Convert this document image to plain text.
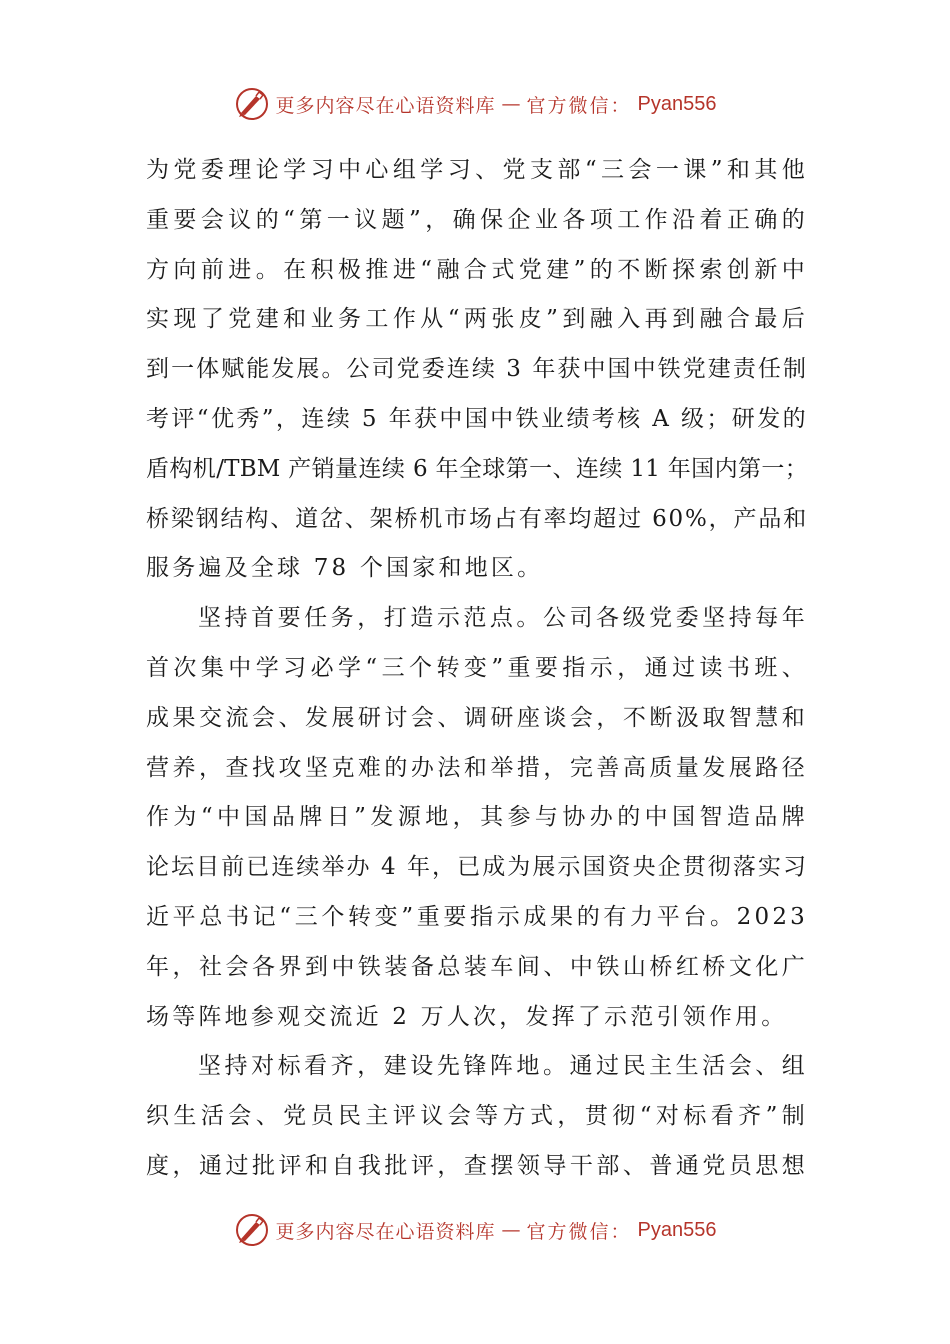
更多内容尽在心语资料库 — 官方微信： Pyan556
为党委理论学习中心组学习、党支部“三会一课”和其他
重要会议的“第一议题”，确保企业各项工作沿着正确的
方向前进。在积极推进“融合式党建”的不断探索创新中
实现了党建和业务工作从“两张皮”到融入再到融合最后
到一体赋能发展。公司党委连续 3 年获中国中铁党建责任制
考评“优秀”，连续 5 年获中国中铁业绩考核 A 级；研发的
盾构机/TBM 产销量连续 6 年全球第一、连续 11 年国内第一；
桥梁钢结构、道岔、架桥机市场占有率均超过 60%，产品和
服务遍及全球 78 个国家和地区。
坚持首要任务，打造示范点。公司各级党委坚持每年
首次集中学习必学“三个转变”重要指示，通过读书班、
成果交流会、发展研讨会、调研座谈会，不断汲取智慧和
营养，查找攻坚克难的办法和举措，完善高质量发展路径
作为“中国品牌日”发源地，其参与协办的中国智造品牌
论坛目前已连续举办 4 年，已成为展示国资央企贯彻落实习
近平总书记“三个转变”重要指示成果的有力平台。2023
年，社会各界到中铁装备总装车间、中铁山桥红桥文化广
场等阵地参观交流近 2 万人次，发挥了示范引领作用。
坚持对标看齐，建设先锋阵地。通过民主生活会、组
织生活会、党员民主评议会等方式，贯彻“对标看齐”制
度，通过批评和自我批评，查摆领导干部、普通党员思想
更多内容尽在心语资料库 — 官方微信： Pyan556
